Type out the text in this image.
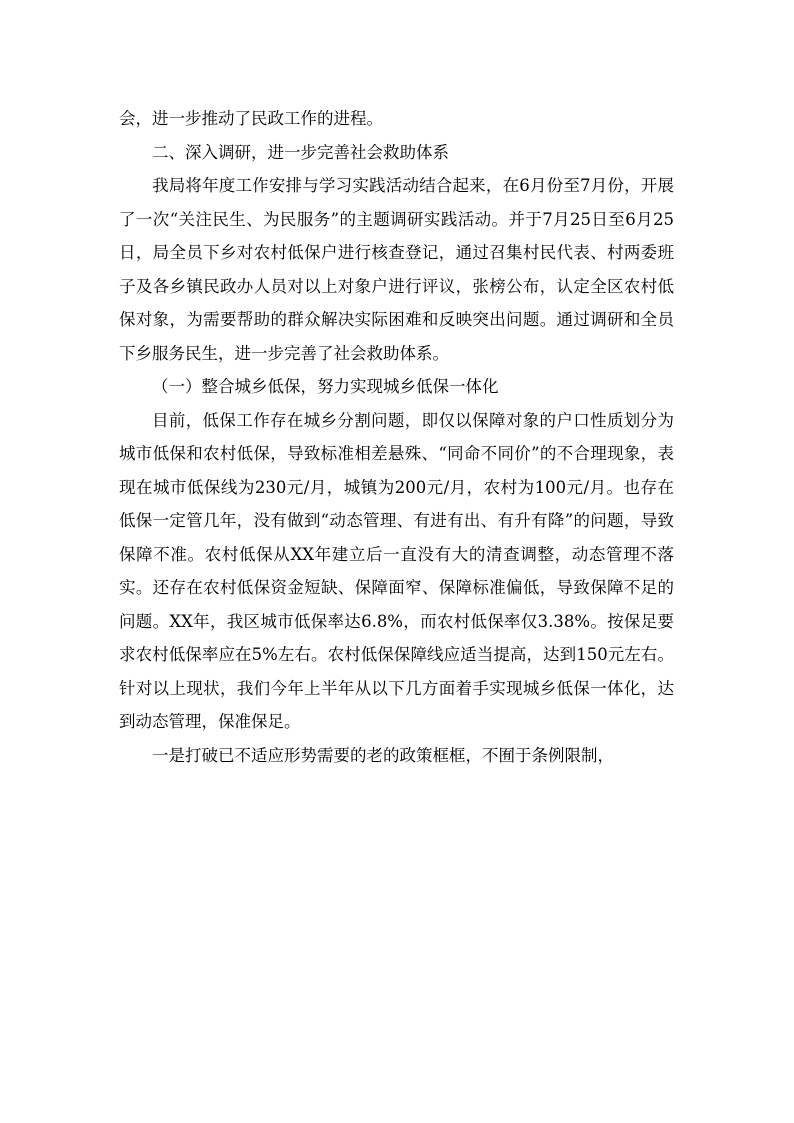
会，进一步推动了民政工作的进程。

二、深入调研，进一步完善社会救助体系

我局将年度工作安排与学习实践活动结合起来，在6月份至7月份，开展了一次“关注民生、为民服务”的主题调研实践活动。并于7月25日至6月25日，局全员下乡对农村低保户进行核查登记，通过召集村民代表、村两委班子及各乡镇民政办人员对以上对象户进行评议，张榜公布，认定全区农村低保对象，为需要帮助的群众解决实际困难和反映突出问题。通过调研和全员下乡服务民生，进一步完善了社会救助体系。

（一）整合城乡低保，努力实现城乡低保一体化

目前，低保工作存在城乡分割问题，即仅以保障对象的户口性质划分为城市低保和农村低保，导致标准相差悬殊、“同命不同价”的不合理现象，表现在城市低保线为230元/月，城镇为200元/月，农村为100元/月。也存在低保一定管几年，没有做到“动态管理、有进有出、有升有降”的问题，导致保障不准。农村低保从XX年建立后一直没有大的清查调整，动态管理不落实。还存在农村低保资金短缺、保障面窄、保障标准偏低，导致保障不足的问题。XX年，我区城市低保率达6.8%，而农村低保率仅3.38%。按保足要求农村低保率应在5%左右。农村低保保障线应适当提高，达到150元左右。针对以上现状，我们今年上半年从以下几方面着手实现城乡低保一体化，达到动态管理，保准保足。

一是打破已不适应形势需要的老的政策框框，不囿于条例限制，
